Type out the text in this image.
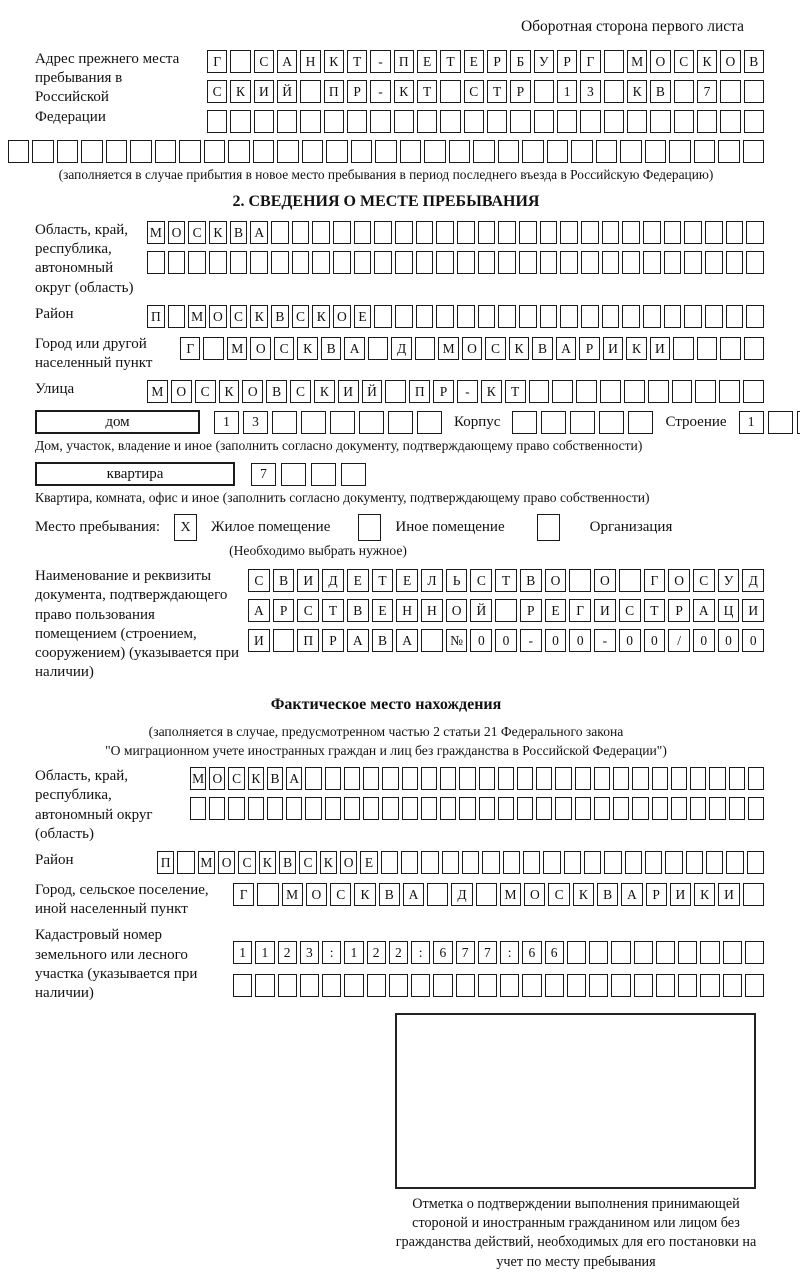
Оборотная сторона первого листа
Адрес прежнего места пребывания в Российской Федерации
Г	С	А	Н	К	Т	-	П	Е	Т	Е	Р	Б	У	Р	Г	М О	С	К	О	В
С	К	И	Й	П	Р	-	К	Т	С	Т	Р	1	3	К	В	7
(заполняется в случае прибытия в новое место пребывания в период последнего въезда в Российскую Федерацию)
2. СВЕДЕНИЯ О МЕСТЕ ПРЕБЫВАНИЯ
Область, край, республика, автономный округ (область)
М О С К В А
Район	П М О С К В С К О Е
Город или другой населенный пункт
Г	М О	С	К	В	А	Д	М О	С	К	В	А	Р	И	К	И
Улица	М О	С	К	О	В	С	К	И	Й	П	Р	-	К	Т
дом	1	3	Корпус	Строение	1
Дом, участок, владение и иное (заполнить согласно документу, подтверждающему право собственности)
квартира	7
Квартира, комната, офис и иное (заполнить согласно документу, подтверждающему право собственности)
Место пребывания:	X	Жилое помещение	Иное помещение	Организация
(Необходимо выбрать нужное)
Наименование и реквизиты документа, подтверждающего право пользования помещением (строением, сооружением) (указывается при наличии)
С	В	И	Д	Е	Т	Е	Л	Ь	С	Т	В	О	О	Г	О	С	У	Д
А	Р	С	Т	В	Е	Н	Н	О	Й	Р	Е	Г	И	С	Т	Р	А	Ц	И
И	П	Р	А	В	А	№	0	0	-	0	0	-	0	0	/	0	0	0
Фактическое место нахождения
(заполняется в случае, предусмотренном частью 2 статьи 21 Федерального закона
"О миграционном учете иностранных граждан и лиц без гражданства в Российской Федерации")
Область, край, республика, автономный округ (область)
М О С К В А
Район	П М О С К В С К О Е
Город, сельское поселение, иной населенный пункт
Г	М О	С	К	В	А	Д	М О	С	К	В	А	Р	И	К	И
Кадастровый номер земельного или лесного участка (указывается при наличии)
1	1	2	3	:	1	2	2	:	6	7	7	:	6	6
Отметка о подтверждении выполнения принимающей стороной и иностранным гражданином или лицом без гражданства действий, необходимых для его постановки на учет по месту пребывания
